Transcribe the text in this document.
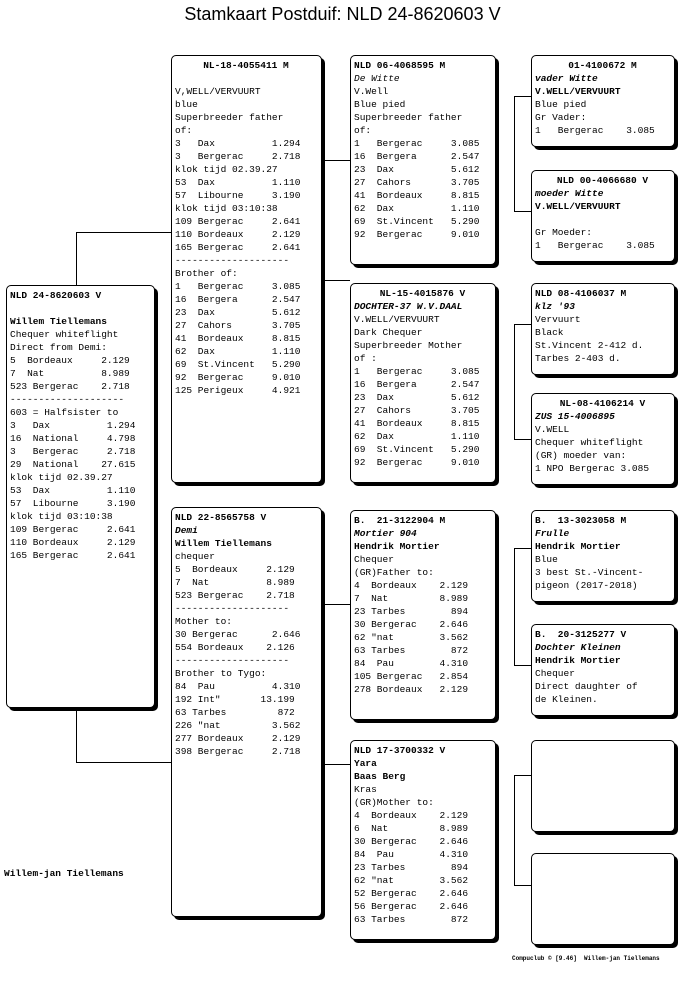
Stamkaart Postduif: NLD 24-8620603 V
NLD 24-8620603 V
Willem Tiellemans
Chequer whiteflight
Direct from Demi:
5  Bordeaux     2.129
7  Nat          8.989
523 Bergerac    2.718
--------------------
603 = Halfsister to
3   Dax          1.294
16  National     4.798
3   Bergerac     2.718
29  National    27.615
klok tijd 02.39.27
53  Dax          1.110
57  Libourne     3.190
klok tijd 03:10:38
109 Bergerac     2.641
110 Bordeaux     2.129
165 Bergerac     2.641
NL-18-4055411 M
V,WELL/VERVUURT
blue
Superbreeder father
of:
3   Dax          1.294
3   Bergerac     2.718
klok tijd 02.39.27
53  Dax          1.110
57  Libourne     3.190
klok tijd 03:10:38
109 Bergerac     2.641
110 Bordeaux     2.129
165 Bergerac     2.641
--------------------
Brother of:
1   Bergerac     3.085
16  Bergera      2.547
23  Dax          5.612
27  Cahors       3.705
41  Bordeaux     8.815
62  Dax          1.110
69  St.Vincent   5.290
92  Bergerac     9.010
125 Perigeux     4.921
NLD 22-8565758 V
Demi
Willem Tiellemans
chequer
5  Bordeaux     2.129
7  Nat          8.989
523 Bergerac    2.718
--------------------
Mother to:
30 Bergerac      2.646
554 Bordeaux    2.126
--------------------
Brother to Tygo:
84  Pau          4.310
192 Int"       13.199
63 Tarbes         872
226 "nat         3.562
277 Bordeaux     2.129
398 Bergerac     2.718
NLD 06-4068595 M
De Witte
V.Well
Blue pied
Superbreeder father
of:
1   Bergerac     3.085
16  Bergera      2.547
23  Dax          5.612
27  Cahors       3.705
41  Bordeaux     8.815
62  Dax          1.110
69  St.Vincent   5.290
92  Bergerac     9.010
NL-15-4015876 V
DOCHTER-37 W.V.DAAL
V.WELL/VERVUURT
Dark Chequer
Superbreeder Mother
of :
1   Bergerac     3.085
16  Bergera      2.547
23  Dax          5.612
27  Cahors       3.705
41  Bordeaux     8.815
62  Dax          1.110
69  St.Vincent   5.290
92  Bergerac     9.010
B.  21-3122904 M
Mortier 904
Hendrik Mortier
Chequer
(GR)Father to:
4  Bordeaux    2.129
7  Nat         8.989
23 Tarbes        894
30 Bergerac    2.646
62 "nat        3.562
63 Tarbes        872
84  Pau        4.310
105 Bergerac   2.854
278 Bordeaux   2.129
NLD 17-3700332 V
Yara
Baas Berg
Kras
(GR)Mother to:
4  Bordeaux    2.129
6  Nat         8.989
30 Bergerac    2.646
84  Pau        4.310
23 Tarbes        894
62 "nat        3.562
52 Bergerac    2.646
56 Bergerac    2.646
63 Tarbes        872
01-4100672 M
vader Witte
V.WELL/VERVUURT
Blue pied
Gr Vader:
1   Bergerac    3.085
NLD 00-4066680 V
moeder Witte
V.WELL/VERVUURT
Gr Moeder:
1   Bergerac    3.085
NLD 08-4106037 M
klz '93
Vervuurt
Black
St.Vincent 2-412 d.
Tarbes 2-403 d.
NL-08-4106214 V
ZUS 15-4006895
V.WELL
Chequer whiteflight
(GR) moeder van:
1 NPO Bergerac 3.085
B.  13-3023058 M
Frulle
Hendrik Mortier
Blue
3 best St.-Vincent-
pigeon (2017-2018)
B.  20-3125277 V
Dochter Kleinen
Hendrik Mortier
Chequer
Direct daughter of
de Kleinen.
Willem-jan Tiellemans
Compuclub © [9.46]  Willem-jan Tiellemans
